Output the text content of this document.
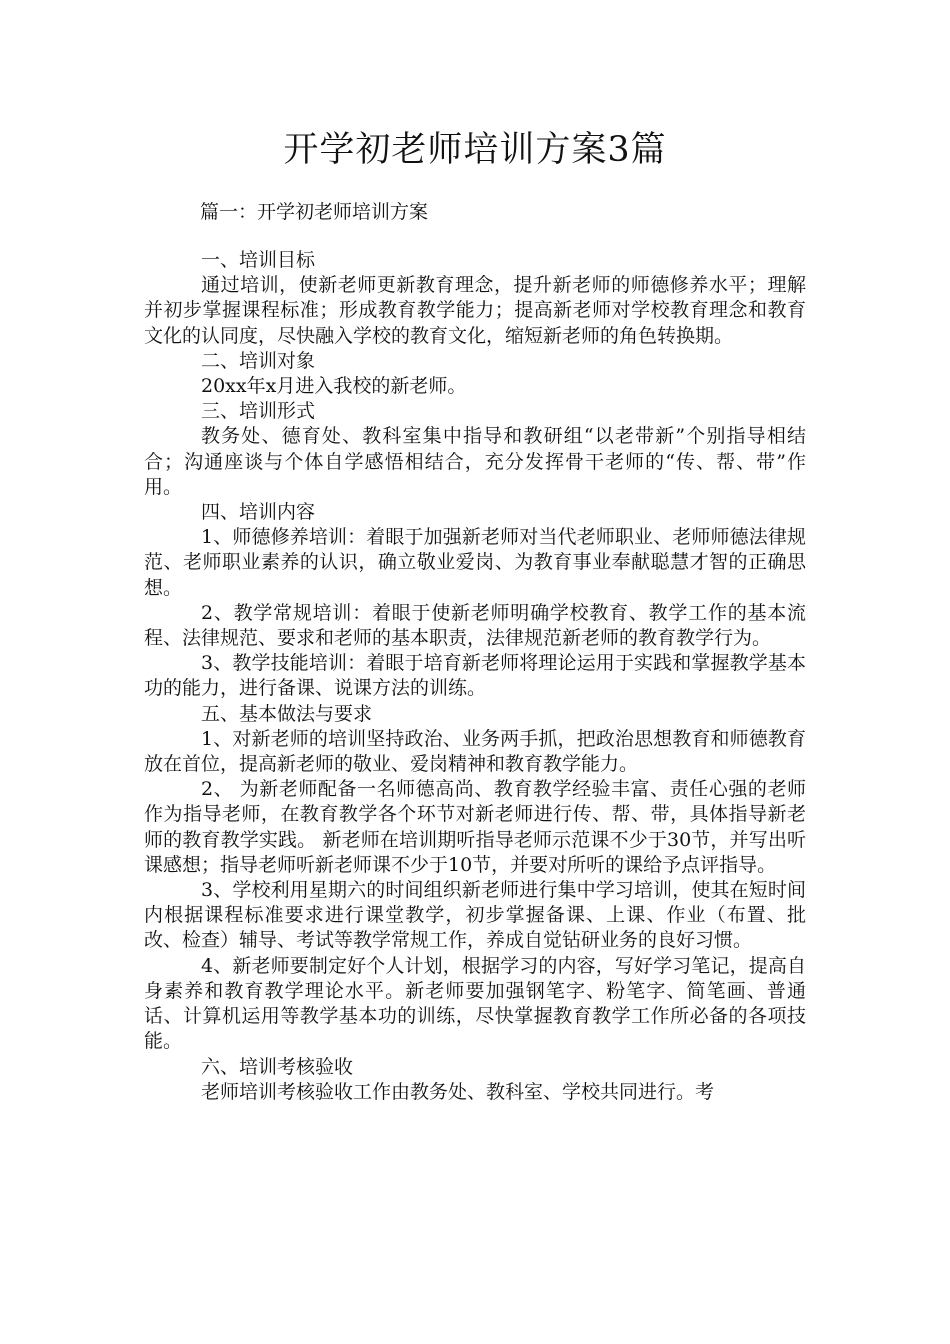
开学初老师培训方案3篇
篇一：开学初老师培训方案

一、培训目标

通过培训，使新老师更新教育理念，提升新老师的师德修养水平；理解并初步掌握课程标准；形成教育教学能力；提高新老师对学校教育理念和教育文化的认同度，尽快融入学校的教育文化，缩短新老师的角色转换期。

二、培训对象

20xx年x月进入我校的新老师。

三、培训形式

教务处、德育处、教科室集中指导和教研组“以老带新”个别指导相结合；沟通座谈与个体自学感悟相结合，充分发挥骨干老师的“传、帮、带”作用。

四、培训内容

1、师德修养培训：着眼于加强新老师对当代老师职业、老师师德法律规范、老师职业素养的认识，确立敬业爱岗、为教育事业奉献聪慧才智的正确思想。

2、教学常规培训：着眼于使新老师明确学校教育、教学工作的基本流程、法律规范、要求和老师的基本职责，法律规范新老师的教育教学行为。

3、教学技能培训：着眼于培育新老师将理论运用于实践和掌握教学基本功的能力，进行备课、说课方法的训练。

五、基本做法与要求

1、对新老师的培训坚持政治、业务两手抓，把政治思想教育和师德教育放在首位，提高新老师的敬业、爱岗精神和教育教学能力。

2、 为新老师配备一名师德高尚、教育教学经验丰富、责任心强的老师作为指导老师，在教育教学各个环节对新老师进行传、帮、带，具体指导新老师的教育教学实践。 新老师在培训期听指导老师示范课不少于30节，并写出听课感想；指导老师听新老师课不少于10节，并要对所听的课给予点评指导。

3、学校利用星期六的时间组织新老师进行集中学习培训，使其在短时间内根据课程标准要求进行课堂教学，初步掌握备课、上课、作业（布置、批改、检查）辅导、考试等教学常规工作，养成自觉钻研业务的良好习惯。

4、新老师要制定好个人计划，根据学习的内容，写好学习笔记，提高自身素养和教育教学理论水平。新老师要加强钢笔字、粉笔字、简笔画、普通话、计算机运用等教学基本功的训练，尽快掌握教育教学工作所必备的各项技能。

六、培训考核验收

老师培训考核验收工作由教务处、教科室、学校共同进行。考
